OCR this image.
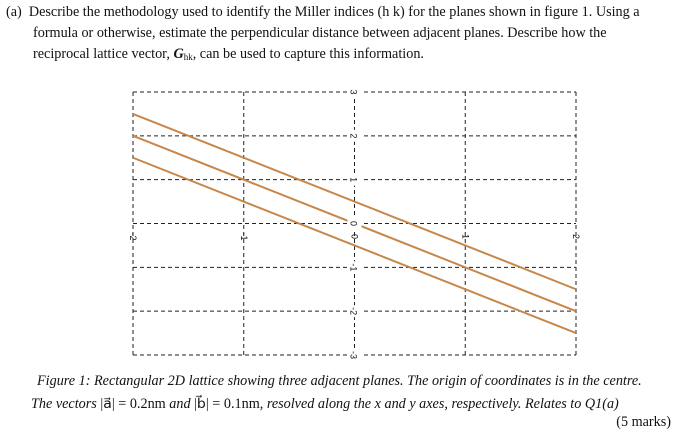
(a) Describe the methodology used to identify the Miller indices (h k) for the planes shown in figure 1. Using a
formula or otherwise, estimate the perpendicular distance between adjacent planes. Describe how the
reciprocal lattice vector, $G_{hk}$, can be used to capture this information.
3
2
1
0
-1
-2
-3
-2	-1	0	1	2
Figure 1: Rectangular 2D lattice showing three adjacent planes. The origin of coordinates is in the centre.
The vectors |a⃗| = 0.2nm and |b⃗| = 0.1nm, resolved along the x and y axes, respectively. Relates to Q1(a)
(5 marks)
